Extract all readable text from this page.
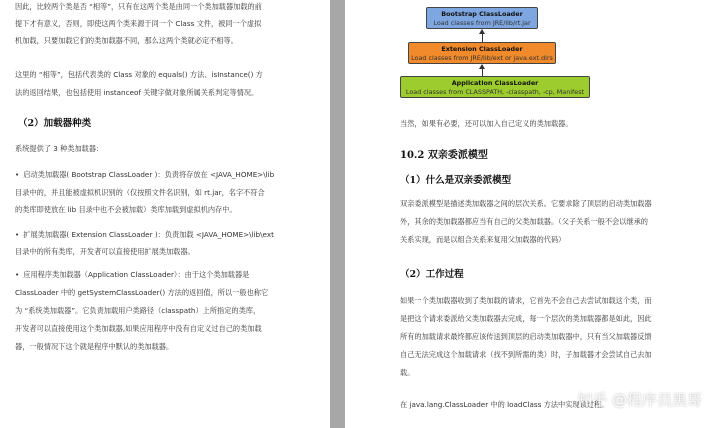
因此，比较两个类是否 “相等”，只有在这两个类是由同一个类加载器加载的前
提下才有意义，否则，即使这两个类来源于同一个 Class 文件，被同一个虚拟
机加载，只要加载它们的类加载器不同，那么这两个类就必定不相等。
这里的 “相等”，包括代表类的 Class 对象的 equals() 方法、isInstance() 方
法的返回结果，也包括使用 instanceof 关键字做对象所属关系判定等情况。
（2）加载器种类
系统提供了 3 种类加载器：
• 启动类加载器( Bootstrap ClassLoader )：负责将存放在 <JAVA_HOME>\lib
目录中的，并且能被虚拟机识别的（仅按照文件名识别，如 rt.jar，名字不符合
的类库即使放在 lib 目录中也不会被加载）类库加载到虚拟机内存中。
• 扩展类加载器( Extension ClassLoader )：负责加载 <JAVA_HOME>\lib\ext
目录中的所有类库，开发者可以直接使用扩展类加载器。
• 应用程序类加载器（Application ClassLoader）：由于这个类加载器是
ClassLoader 中的 getSystemClassLoader() 方法的返回值，所以一般也称它
为 “系统类加载器”。它负责加载用户类路径（classpath）上所指定的类库，
开发者可以直接使用这个类加载器,如果应用程序中没有自定义过自己的类加载
器，一般情况下这个就是程序中默认的类加载器。
Bootstrap ClassLoader
Load classes from JRE/lib/rt.jar
Extension ClassLoader
Load classes from JRE/lib/ext or java.ext.dirs
Application ClassLoader
Load classes from CLASSPATH, -classpath, -cp, Manifest
当然，如果有必要，还可以加入自己定义的类加载器。
10.2 双亲委派模型
（1）什么是双亲委派模型
双亲委派模型是描述类加载器之间的层次关系。它要求除了顶层的启动类加载器
外，其余的类加载器都应当有自己的父类加载器。（父子关系一般不会以继承的
关系实现，而是以组合关系来复用父加载器的代码）
（2）工作过程
如果一个类加载器收到了类加载的请求，它首先不会自己去尝试加载这个类，而
是把这个请求委派给父类加载器去完成，每一个层次的类加载器都是如此，因此
所有的加载请求最终都应该传送到顶层的启动类加载器中，只有当父加载器反馈
自己无法完成这个加载请求（找不到所需的类）时，子加载器才会尝试自己去加
载。
在 java.lang.ClassLoader 中的 loadClass 方法中实现该过程。
知乎 @程序员黑哥
